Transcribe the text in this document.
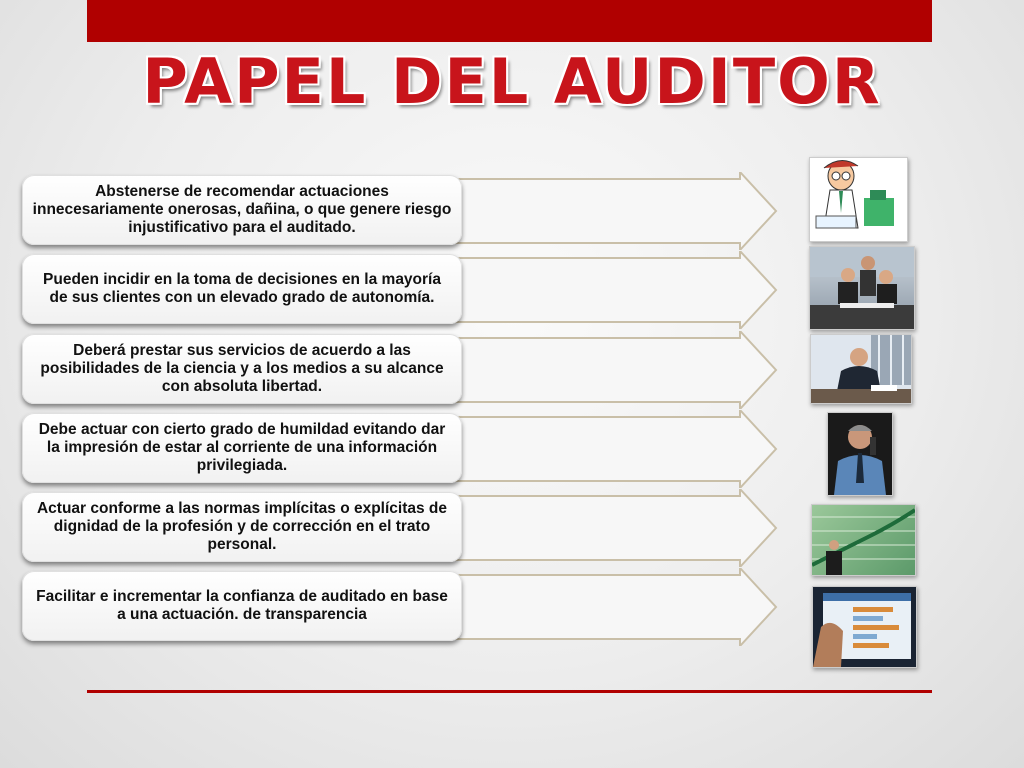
PAPEL DEL AUDITOR
Abstenerse de recomendar actuaciones innecesariamente onerosas, dañina, o que genere riesgo injustificativo para el auditado.
Pueden incidir en la toma de decisiones en la mayoría de sus clientes con un elevado grado de autonomía.
Deberá prestar sus servicios de acuerdo a las posibilidades de la ciencia y a los medios a su alcance con absoluta libertad.
Debe actuar con cierto grado de humildad evitando dar la impresión de estar al corriente de una información privilegiada.
Actuar conforme a las normas implícitas o explícitas de dignidad de la profesión y de corrección en el trato personal.
Facilitar e incrementar la confianza de auditado en base a una actuación. de transparencia
